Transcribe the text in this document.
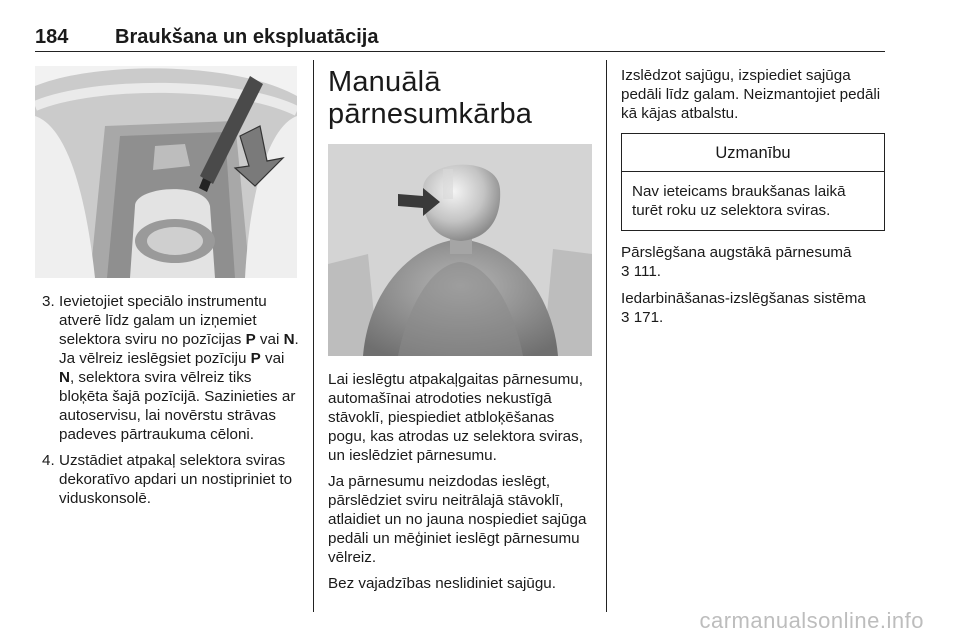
184 Braukšana un ekspluatācija
3. Ievietojiet speciālo instrumentu atverē līdz galam un izņemiet selektora sviru no pozīcijas P vai N. Ja vēlreiz ieslēgsiet pozīciju P vai N, selektora svira vēlreiz tiks bloķēta šajā pozīcijā. Sazinieties ar autoservisu, lai novērstu strāvas padeves pārtraukuma cēloni.
4. Uzstādiet atpakaļ selektora sviras dekoratīvo apdari un nostipriniet to viduskonsolē.
Manuālā
pārnesumkārba

Lai ieslēgtu atpakaļgaitas pārnesumu, automašīnai atrodoties nekustīgā stāvoklī, piespiediet atbloķēšanas pogu, kas atrodas uz selektora sviras, un ieslēdziet pārnesumu.

Ja pārnesumu neizdodas ieslēgt, pārslēdziet sviru neitrālajā stāvoklī, atlaidiet un no jauna nospiediet sajūga pedāli un mēģiniet ieslēgt pārnesumu vēlreiz.

Bez vajadzības neslidiniet sajūgu.

Izslēdzot sajūgu, izspiediet sajūga pedāli līdz galam. Neizmantojiet pedāli kā kājas atbalstu.

Uzmanību
Nav ieteicams braukšanas laikā turēt roku uz selektora sviras.

Pārslēgšana augstākā pārnesumā
3 111.

Iedarbināšanas-izslēgšanas sistēma
3 171.

carmanualsonline.info
